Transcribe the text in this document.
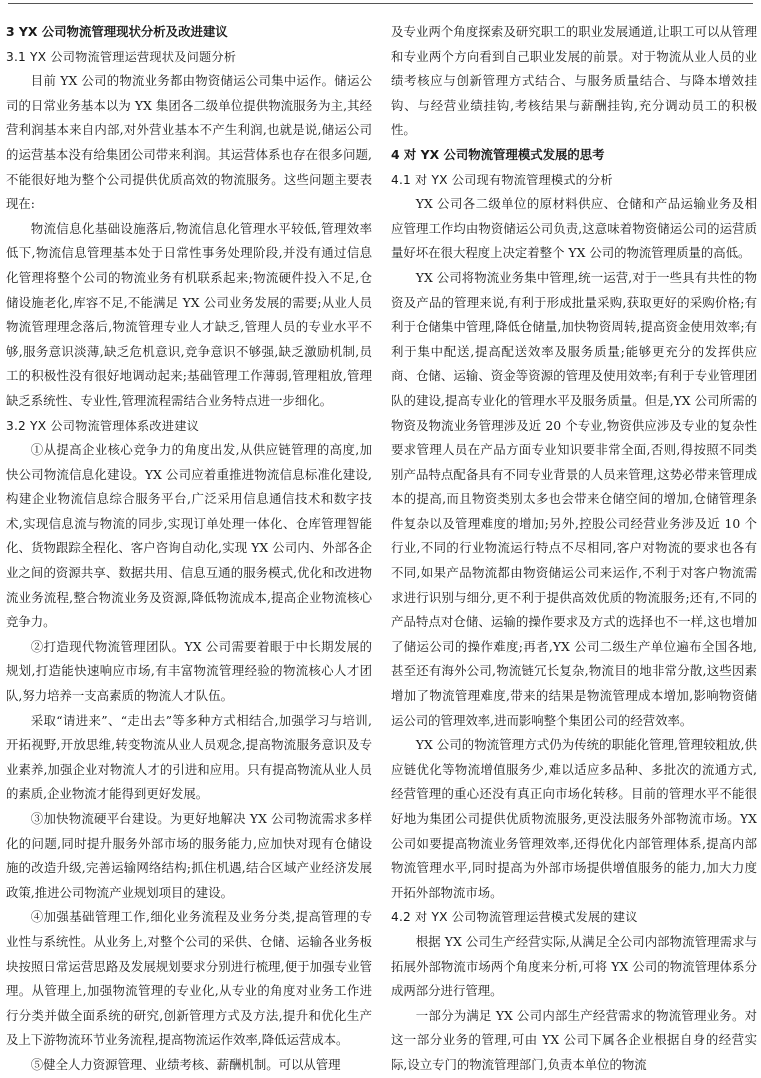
3 YX 公司物流管理现状分析及改进建议
3.1 YX 公司物流管理运营现状及问题分析

目前 YX 公司的物流业务都由物资储运公司集中运作。储运公司的日常业务基本以为 YX 集团各二级单位提供物流服务为主,其经营利润基本来自内部,对外营业基本不产生利润,也就是说,储运公司的运营基本没有给集团公司带来利润。其运营体系也存在很多问题,不能很好地为整个公司提供优质高效的物流服务。这些问题主要表现在:

物流信息化基础设施落后,物流信息化管理水平较低,管理效率低下,物流信息管理基本处于日常性事务处理阶段,并没有通过信息化管理将整个公司的物流业务有机联系起来;物流硬件投入不足,仓储设施老化,库容不足,不能满足 YX 公司业务发展的需要;从业人员物流管理理念落后,物流管理专业人才缺乏,管理人员的专业水平不够,服务意识淡薄,缺乏危机意识,竞争意识不够强,缺乏激励机制,员工的积极性没有很好地调动起来;基础管理工作薄弱,管理粗放,管理缺乏系统性、专业性,管理流程需结合业务特点进一步细化。

3.2 YX 公司物流管理体系改进建议

①从提高企业核心竞争力的角度出发,从供应链管理的高度,加快公司物流信息化建设。YX 公司应着重推进物流信息标准化建设,构建企业物流信息综合服务平台,广泛采用信息通信技术和数字技术,实现信息流与物流的同步,实现订单处理一体化、仓库管理智能化、货物跟踪全程化、客户咨询自动化,实现 YX 公司内、外部各企业之间的资源共享、数据共用、信息互通的服务模式,优化和改进物流业务流程,整合物流业务及资源,降低物流成本,提高企业物流核心竞争力。

②打造现代物流管理团队。YX 公司需要着眼于中长期发展的规划,打造能快速响应市场,有丰富物流管理经验的物流核心人才团队,努力培养一支高素质的物流人才队伍。

采取“请进来”、“走出去”等多种方式相结合,加强学习与培训,开拓视野,开放思维,转变物流从业人员观念,提高物流服务意识及专业素养,加强企业对物流人才的引进和应用。只有提高物流从业人员的素质,企业物流才能得到更好发展。

③加快物流硬平台建设。为更好地解决 YX 公司物流需求多样化的问题,同时提升服务外部市场的服务能力,应加快对现有仓储设施的改造升级,完善运输网络结构;抓住机遇,结合区域产业经济发展政策,推进公司物流产业规划项目的建设。

④加强基础管理工作,细化业务流程及业务分类,提高管理的专业性与系统性。从业务上,对整个公司的采供、仓储、运输各业务板块按照日常运营思路及发展规划要求分别进行梳理,便于加强专业管理。从管理上,加强物流管理的专业化,从专业的角度对业务工作进行分类并做全面系统的研究,创新管理方式及方法,提升和优化生产及上下游物流环节业务流程,提高物流运作效率,降低运营成本。

⑤健全人力资源管理、业绩考核、薪酬机制。可以从管理

及专业两个角度探索及研究职工的职业发展通道,让职工可以从管理和专业两个方向看到自己职业发展的前景。对于物流从业人员的业绩考核应与创新管理方式结合、与服务质量结合、与降本增效挂钩、与经营业绩挂钩,考核结果与薪酬挂钩,充分调动员工的积极性。

4 对 YX 公司物流管理模式发展的思考
4.1 对 YX 公司现有物流管理模式的分析

YX 公司各二级单位的原材料供应、仓储和产品运输业务及相应管理工作均由物资储运公司负责,这意味着物资储运公司的运营质量好坏在很大程度上决定着整个 YX 公司的物流管理质量的高低。

YX 公司将物流业务集中管理,统一运营,对于一些具有共性的物资及产品的管理来说,有利于形成批量采购,获取更好的采购价格;有利于仓储集中管理,降低仓储量,加快物资周转,提高资金使用效率;有利于集中配送,提高配送效率及服务质量;能够更充分的发挥供应商、仓储、运输、资金等资源的管理及使用效率;有利于专业管理团队的建设,提高专业化的管理水平及服务质量。但是,YX 公司所需的物资及物流业务管理涉及近 20 个专业,物资供应涉及专业的复杂性要求管理人员在产品方面专业知识要非常全面,否则,得按照不同类别产品特点配备具有不同专业背景的人员来管理,这势必带来管理成本的提高,而且物资类别太多也会带来仓储空间的增加,仓储管理条件复杂以及管理难度的增加;另外,控股公司经营业务涉及近 10 个行业,不同的行业物流运行特点不尽相同,客户对物流的要求也各有不同,如果产品物流都由物资储运公司来运作,不利于对客户物流需求进行识别与细分,更不利于提供高效优质的物流服务;还有,不同的产品特点对仓储、运输的操作要求及方式的选择也不一样,这也增加了储运公司的操作难度;再者,YX 公司二级生产单位遍布全国各地,甚至还有海外公司,物流链冗长复杂,物流目的地非常分散,这些因素增加了物流管理难度,带来的结果是物流管理成本增加,影响物资储运公司的管理效率,进而影响整个集团公司的经营效率。

YX 公司的物流管理方式仍为传统的职能化管理,管理较粗放,供应链优化等物流增值服务少,难以适应多品种、多批次的流通方式,经营管理的重心还没有真正向市场化转移。目前的管理水平不能很好地为集团公司提供优质物流服务,更没法服务外部物流市场。YX 公司如要提高物流业务管理效率,还得优化内部管理体系,提高内部物流管理水平,同时提高为外部市场提供增值服务的能力,加大力度开拓外部物流市场。

4.2 对 YX 公司物流管理运营模式发展的建议

根据 YX 公司生产经营实际,从满足全公司内部物流管理需求与拓展外部物流市场两个角度来分析,可将 YX 公司的物流管理体系分成两部分进行管理。

一部分为满足 YX 公司内部生产经营需求的物流管理业务。对这一部分业务的管理,可由 YX 公司下属各企业根据自身的经营实际,设立专门的物流管理部门,负责本单位的物流
